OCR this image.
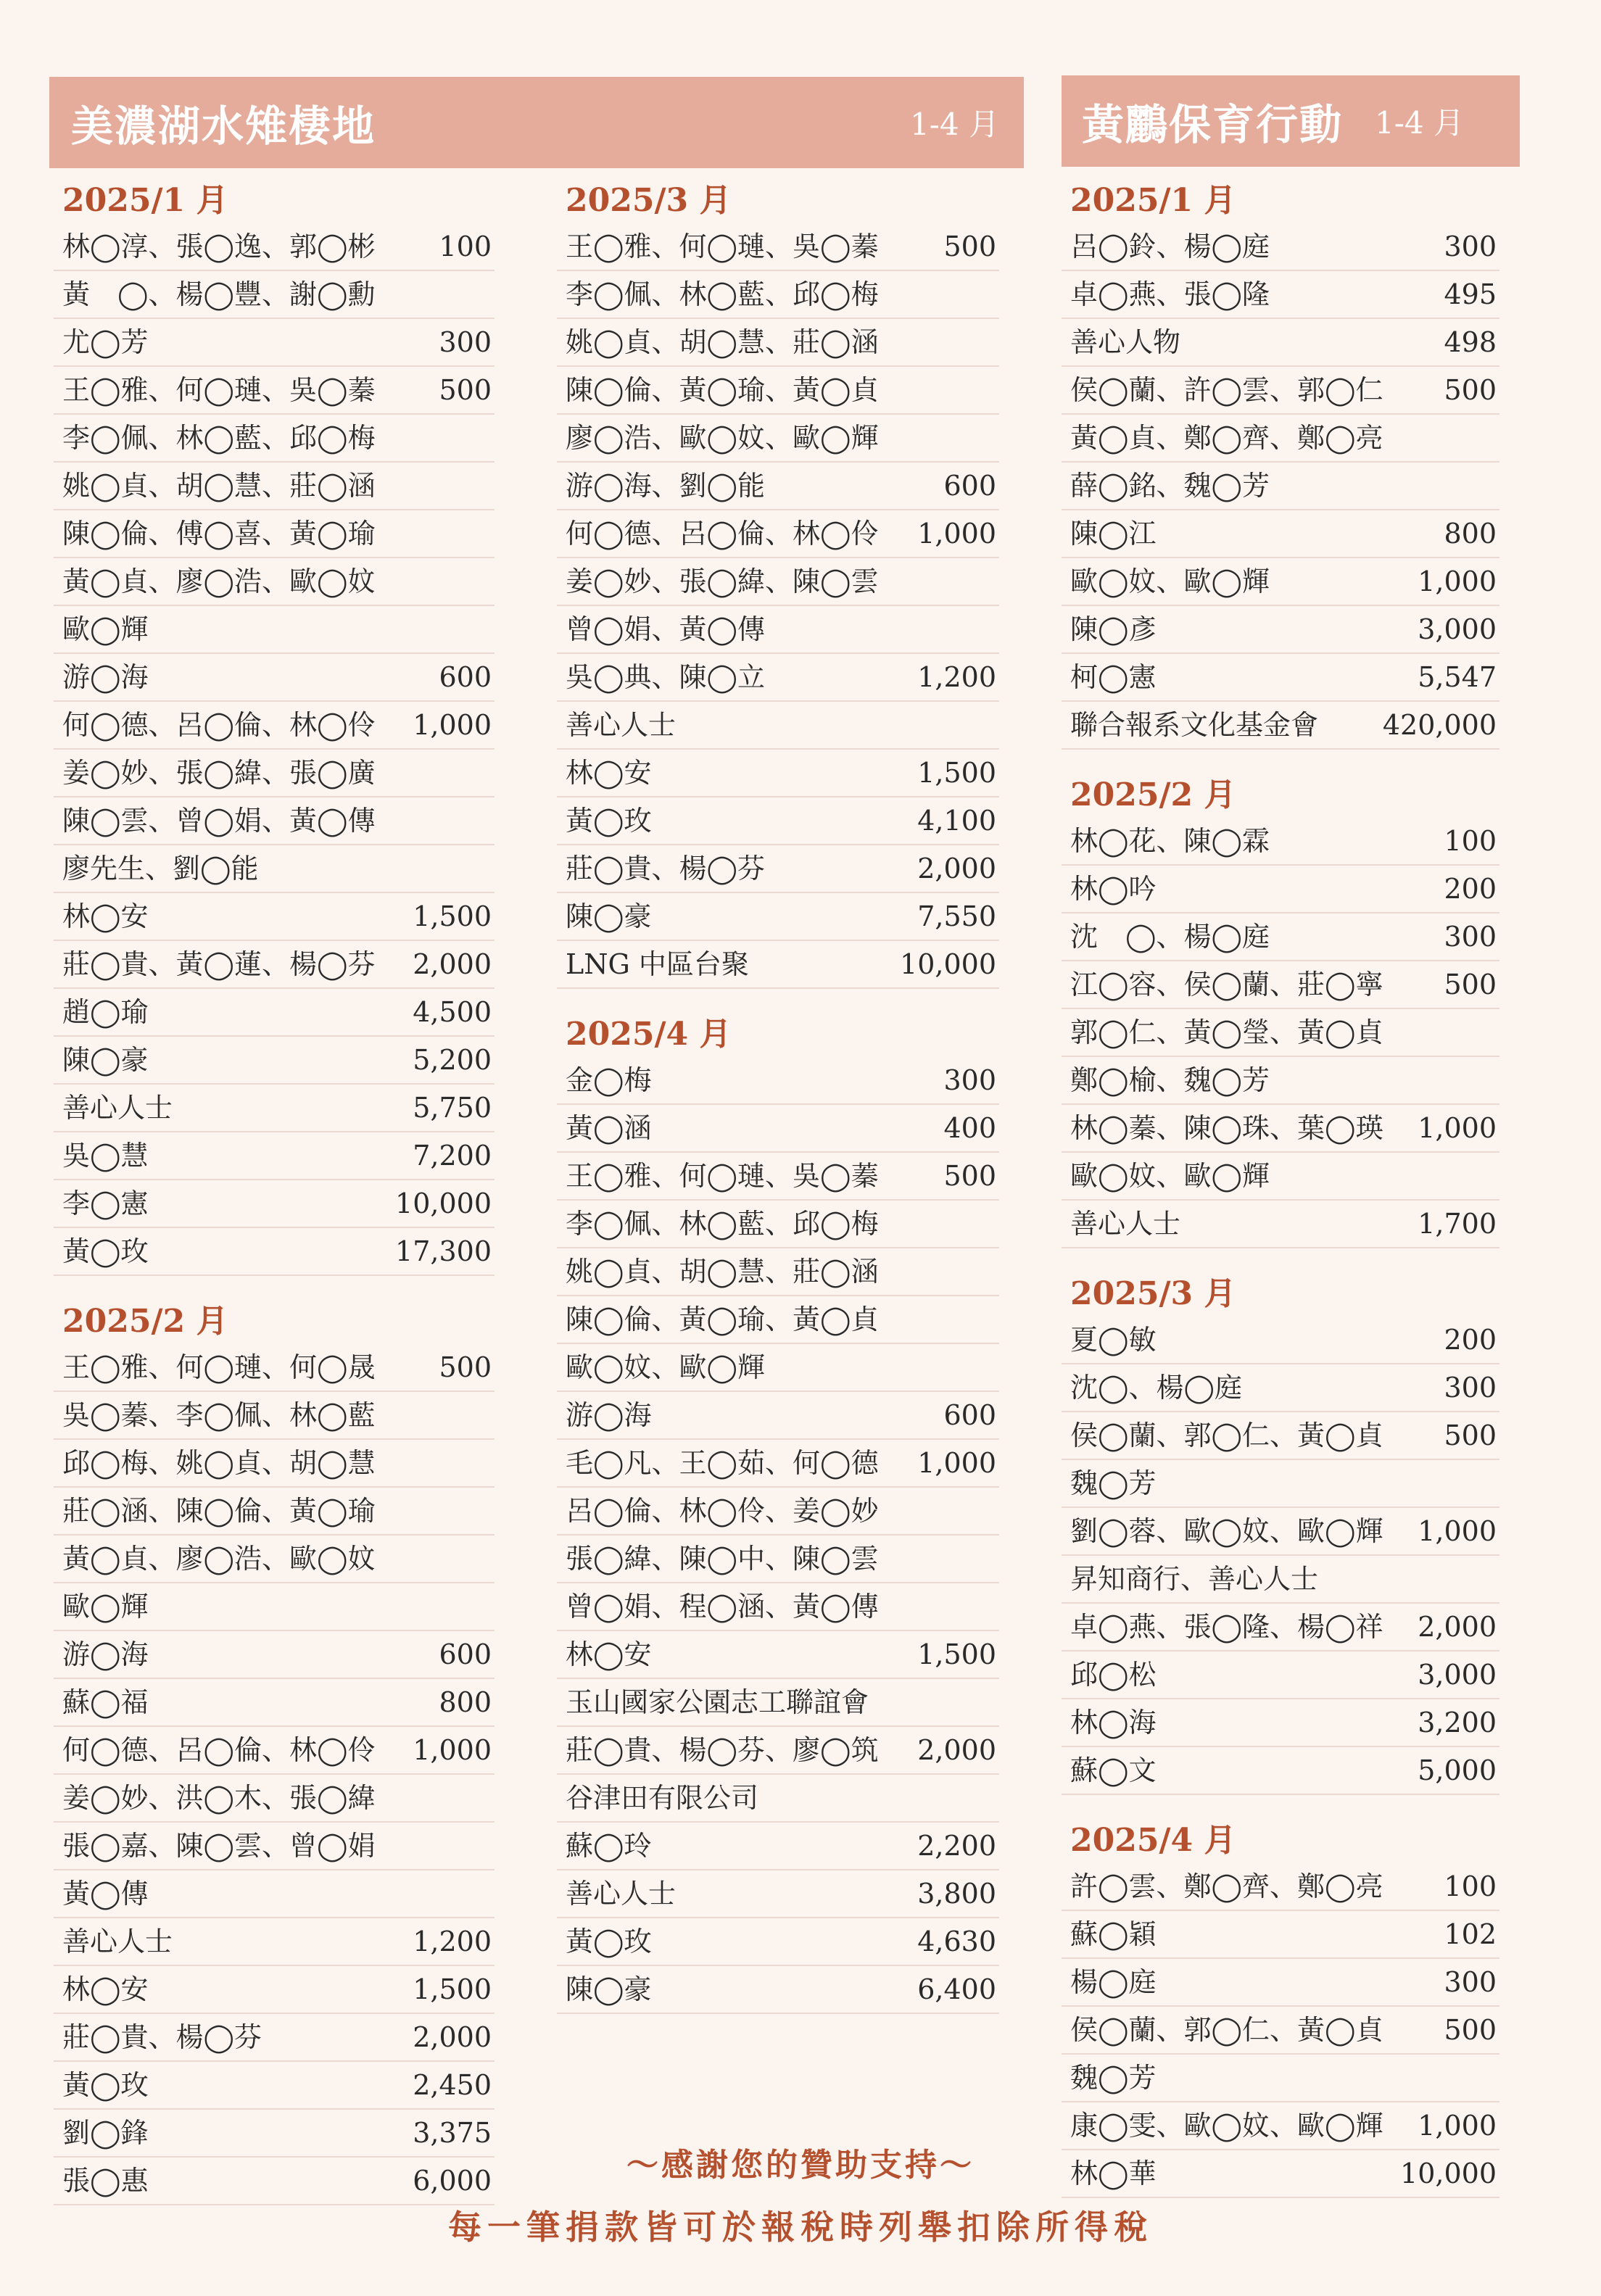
美濃湖水雉棲地	1-4 月 黃鸝保育行動 1-4 月
2025/1 月
林◯淳、張◯逸、郭◯彬	100
黃　◯、楊◯豐、謝◯勳
尤◯芳	300
王◯雅、何◯璉、吳◯蓁	500
李◯佩、林◯藍、邱◯梅
姚◯貞、胡◯慧、莊◯涵
陳◯倫、傅◯喜、黃◯瑜
黃◯貞、廖◯浩、歐◯妏
歐◯輝
游◯海	600
何◯德、呂◯倫、林◯伶	1,000
姜◯妙、張◯緯、張◯廣
陳◯雲、曾◯娟、黃◯傳
廖先生、劉◯能
林◯安	1,500
莊◯貴、黃◯蓮、楊◯芬	2,000
趙◯瑜	4,500
陳◯豪	5,200
善心人士	5,750
吳◯慧	7,200
李◯憲	10,000
黃◯玫	17,300
2025/2 月
王◯雅、何◯璉、何◯晟	500
吳◯蓁、李◯佩、林◯藍
邱◯梅、姚◯貞、胡◯慧
莊◯涵、陳◯倫、黃◯瑜
黃◯貞、廖◯浩、歐◯妏
歐◯輝
游◯海	600
蘇◯福	800
何◯德、呂◯倫、林◯伶	1,000
姜◯妙、洪◯木、張◯緯
張◯嘉、陳◯雲、曾◯娟
黃◯傳
善心人士	1,200
林◯安	1,500
莊◯貴、楊◯芬	2,000
黃◯玫	2,450
劉◯鋒	3,375
張◯惠	6,000
2025/3 月
王◯雅、何◯璉、吳◯蓁	500
李◯佩、林◯藍、邱◯梅
姚◯貞、胡◯慧、莊◯涵
陳◯倫、黃◯瑜、黃◯貞
廖◯浩、歐◯妏、歐◯輝
游◯海、劉◯能	600
何◯德、呂◯倫、林◯伶	1,000
姜◯妙、張◯緯、陳◯雲
曾◯娟、黃◯傳
吳◯典、陳◯立	1,200
善心人士
林◯安	1,500
黃◯玫	4,100
莊◯貴、楊◯芬	2,000
陳◯豪	7,550
LNG 中區台聚	10,000
2025/4 月
金◯梅	300
黃◯涵	400
王◯雅、何◯璉、吳◯蓁	500
李◯佩、林◯藍、邱◯梅
姚◯貞、胡◯慧、莊◯涵
陳◯倫、黃◯瑜、黃◯貞
歐◯妏、歐◯輝
游◯海	600
毛◯凡、王◯茹、何◯德	1,000
呂◯倫、林◯伶、姜◯妙
張◯緯、陳◯中、陳◯雲
曾◯娟、程◯涵、黃◯傳
林◯安	1,500
玉山國家公園志工聯誼會
莊◯貴、楊◯芬、廖◯筑	2,000
谷津田有限公司
蘇◯玲	2,200
善心人士	3,800
黃◯玫	4,630
陳◯豪	6,400
2025/1 月
呂◯鈴、楊◯庭	300
卓◯燕、張◯隆	495
善心人物	498
侯◯蘭、許◯雲、郭◯仁	500
黃◯貞、鄭◯齊、鄭◯亮
薛◯銘、魏◯芳
陳◯江	800
歐◯妏、歐◯輝	1,000
陳◯彥	3,000
柯◯憲	5,547
聯合報系文化基金會	420,000
2025/2 月
林◯花、陳◯霖	100
林◯吟	200
沈　◯、楊◯庭	300
江◯容、侯◯蘭、莊◯寧	500
郭◯仁、黃◯瑩、黃◯貞
鄭◯榆、魏◯芳
林◯蓁、陳◯珠、葉◯瑛	1,000
歐◯妏、歐◯輝
善心人士	1,700
2025/3 月
夏◯敏	200
沈◯、楊◯庭	300
侯◯蘭、郭◯仁、黃◯貞	500
魏◯芳
劉◯蓉、歐◯妏、歐◯輝	1,000
昇知商行、善心人士
卓◯燕、張◯隆、楊◯祥	2,000
邱◯松	3,000
林◯海	3,200
蘇◯文	5,000
2025/4 月
許◯雲、鄭◯齊、鄭◯亮	100
蘇◯穎	102
楊◯庭	300
侯◯蘭、郭◯仁、黃◯貞	500
魏◯芳
康◯雯、歐◯妏、歐◯輝	1,000
林◯華	10,000
～感謝您的贊助支持～
每一筆捐款皆可於報稅時列舉扣除所得稅
